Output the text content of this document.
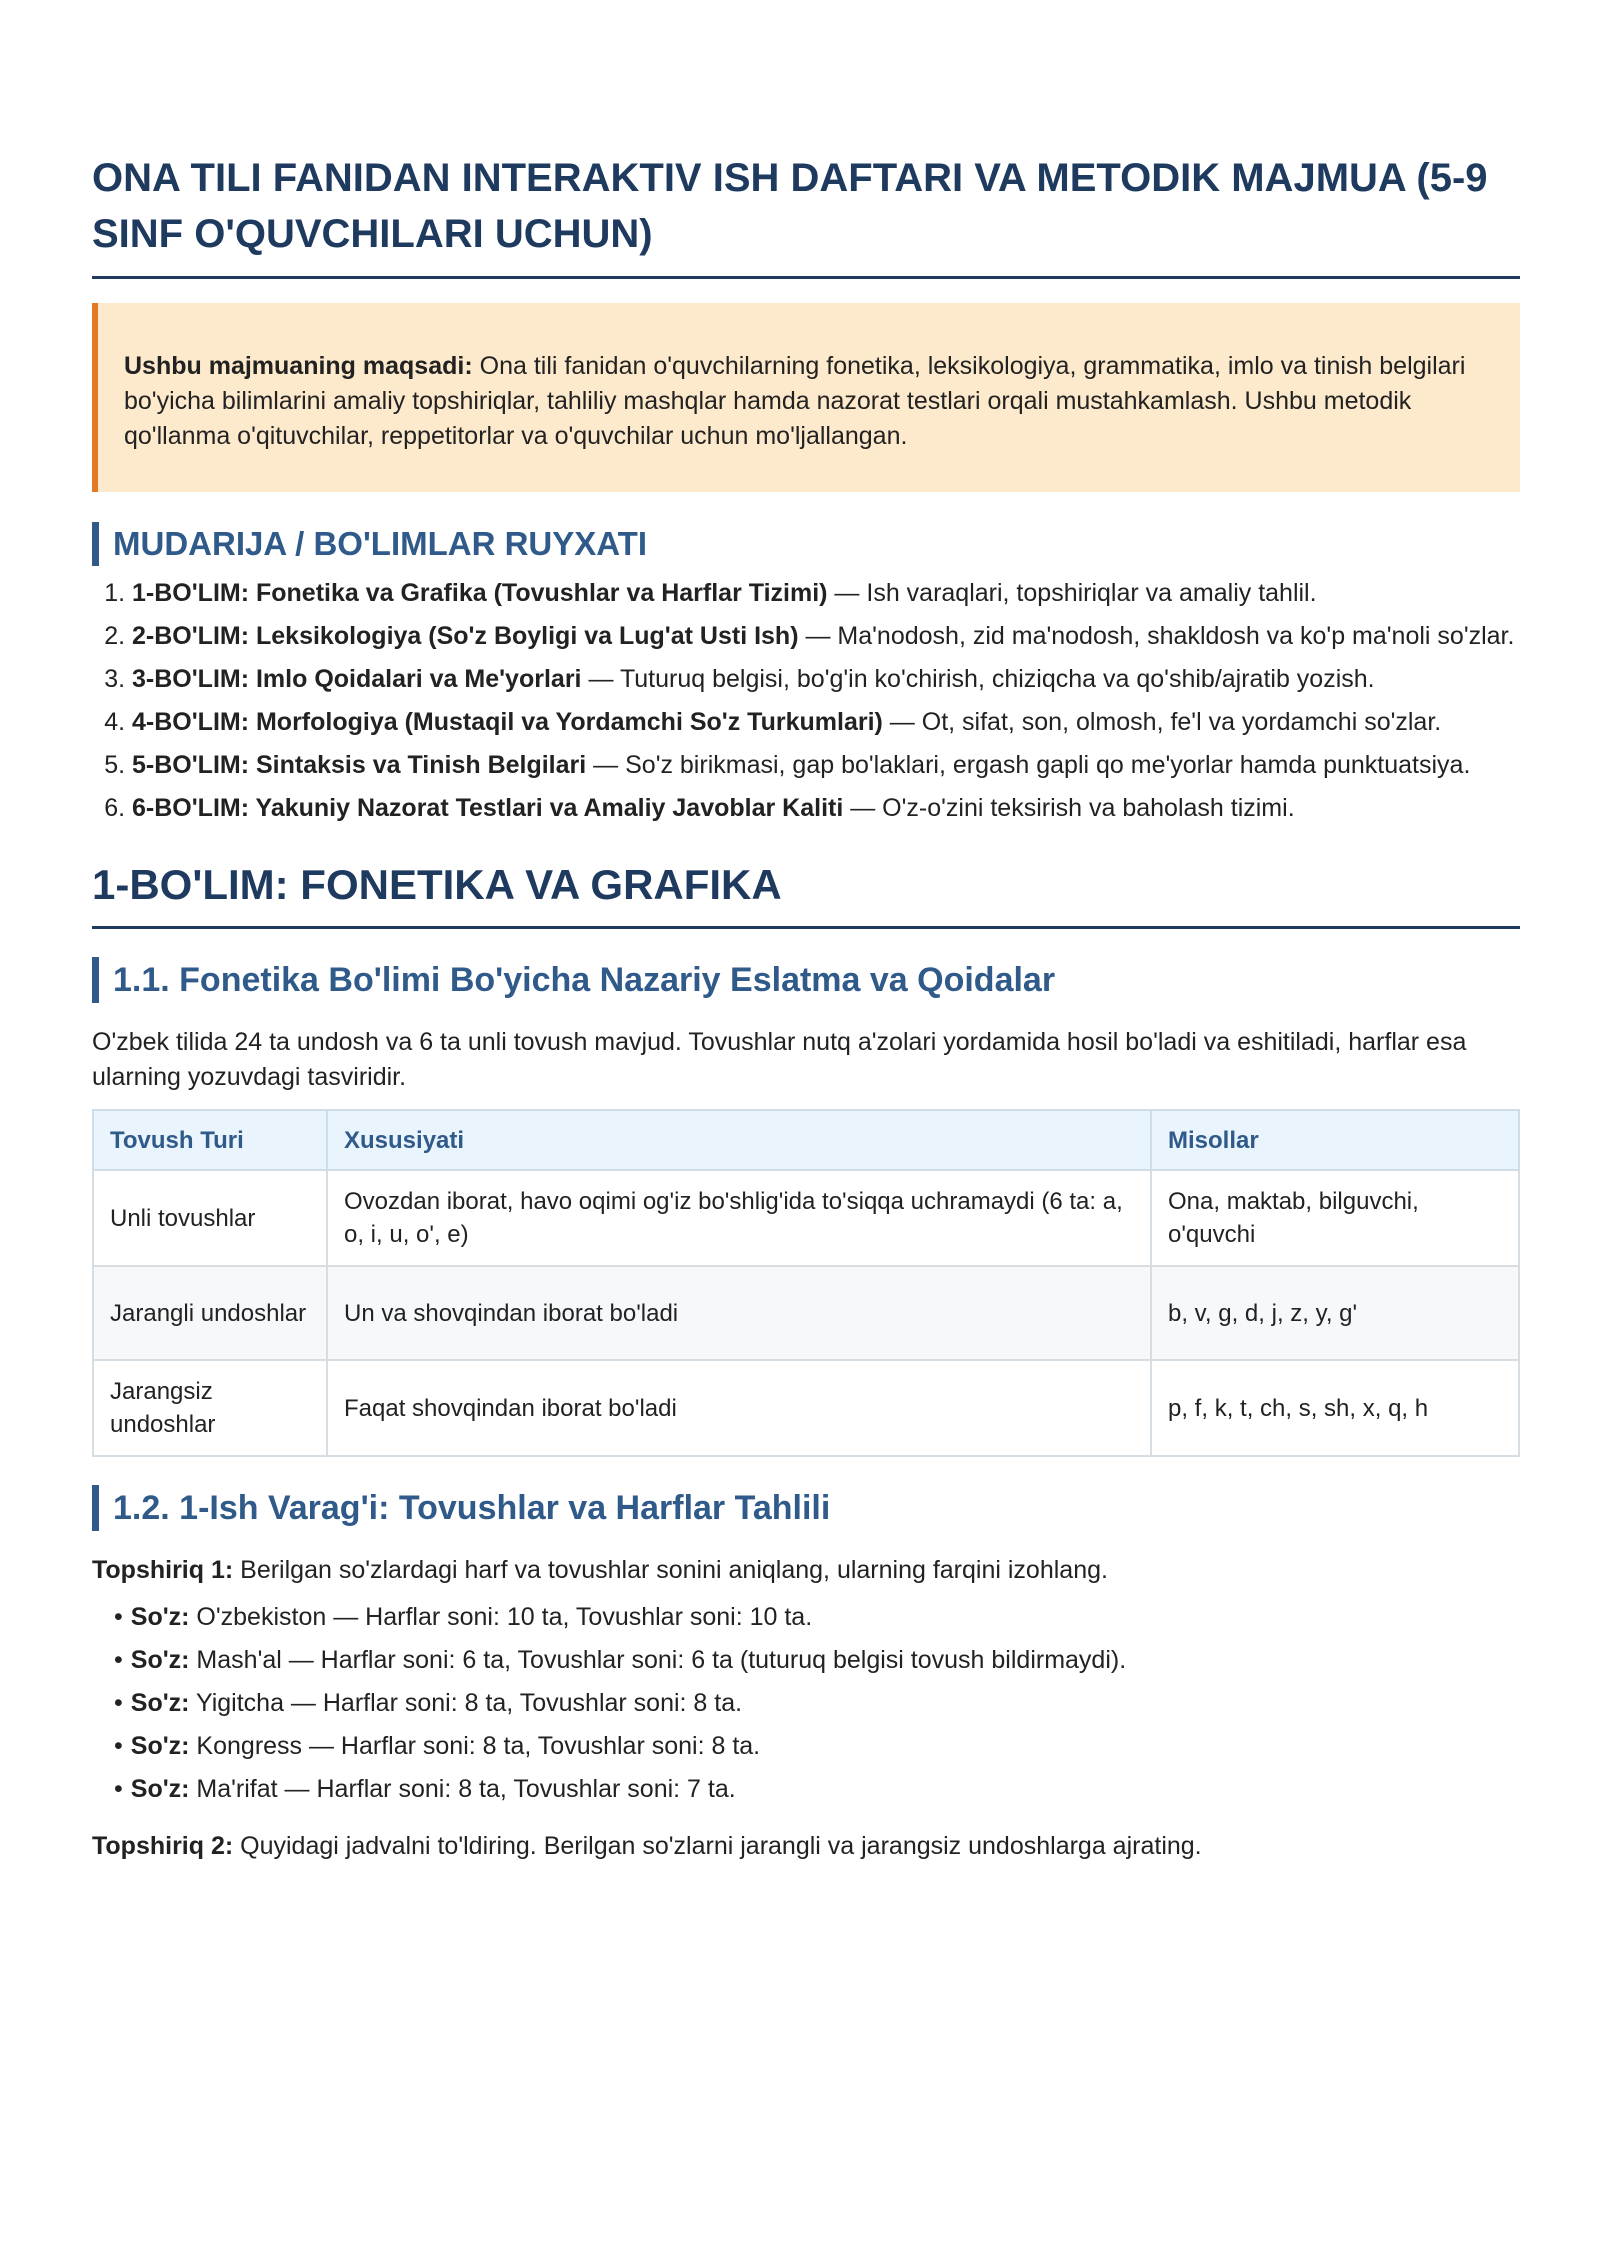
ONA TILI FANIDAN INTERAKTIV ISH DAFTARI VA METODIK MAJMUA (5-9 SINF O'QUVCHILARI UCHUN)
Ushbu majmuaning maqsadi: Ona tili fanidan o'quvchilarning fonetika, leksikologiya, grammatika, imlo va tinish belgilari bo'yicha bilimlarini amaliy topshiriqlar, tahliliy mashqlar hamda nazorat testlari orqali mustahkamlash. Ushbu metodik qo'llanma o'qituvchilar, reppetitorlar va o'quvchilar uchun mo'ljallangan.
MUDARIJA / BO'LIMLAR RUYXATI
1. 1-BO'LIM: Fonetika va Grafika (Tovushlar va Harflar Tizimi) — Ish varaqlari, topshiriqlar va amaliy tahlil.
2. 2-BO'LIM: Leksikologiya (So'z Boyligi va Lug'at Usti Ish) — Ma'nodosh, zid ma'nodosh, shakldosh va ko'p ma'noli so'zlar.
3. 3-BO'LIM: Imlo Qoidalari va Me'yorlari — Tuturuq belgisi, bo'g'in ko'chirish, chiziqcha va qo'shib/ajratib yozish.
4. 4-BO'LIM: Morfologiya (Mustaqil va Yordamchi So'z Turkumlari) — Ot, sifat, son, olmosh, fe'l va yordamchi so'zlar.
5. 5-BO'LIM: Sintaksis va Tinish Belgilari — So'z birikmasi, gap bo'laklari, ergash gapli qo me'yorlar hamda punktuatsiya.
6. 6-BO'LIM: Yakuniy Nazorat Testlari va Amaliy Javoblar Kaliti — O'z-o'zini teksirish va baholash tizimi.
1-BO'LIM: FONETIKA VA GRAFIKA
1.1. Fonetika Bo'limi Bo'yicha Nazariy Eslatma va Qoidalar

O'zbek tilida 24 ta undosh va 6 ta unli tovush mavjud. Tovushlar nutq a'zolari yordamida hosil bo'ladi va eshitiladi, harflar esa ularning yozuvdagi tasviridir.

Tovush Turi	Xususiyati	Misollar
Unli tovushlar	Ovozdan iborat, havo oqimi og'iz bo'shlig'ida to'siqqa uchramaydi (6 ta: a, o, i, u, o', e)	Ona, maktab, bilguvchi, o'quvchi
Jarangli undoshlar	Un va shovqindan iborat bo'ladi	b, v, g, d, j, z, y, g'
Jarangsiz undoshlar	Faqat shovqindan iborat bo'ladi	p, f, k, t, ch, s, sh, x, q, h
1.2. 1-Ish Varag'i: Tovushlar va Harflar Tahlili

Topshiriq 1: Berilgan so'zlardagi harf va tovushlar sonini aniqlang, ularning farqini izohlang.

• So'z: O'zbekiston — Harflar soni: 10 ta, Tovushlar soni: 10 ta.
• So'z: Mash'al — Harflar soni: 6 ta, Tovushlar soni: 6 ta (tuturuq belgisi tovush bildirmaydi).
• So'z: Yigitcha — Harflar soni: 8 ta, Tovushlar soni: 8 ta.
• So'z: Kongress — Harflar soni: 8 ta, Tovushlar soni: 8 ta.
• So'z: Ma'rifat — Harflar soni: 8 ta, Tovushlar soni: 7 ta.

Topshiriq 2: Quyidagi jadvalni to'ldiring. Berilgan so'zlarni jarangli va jarangsiz undoshlarga ajrating.
